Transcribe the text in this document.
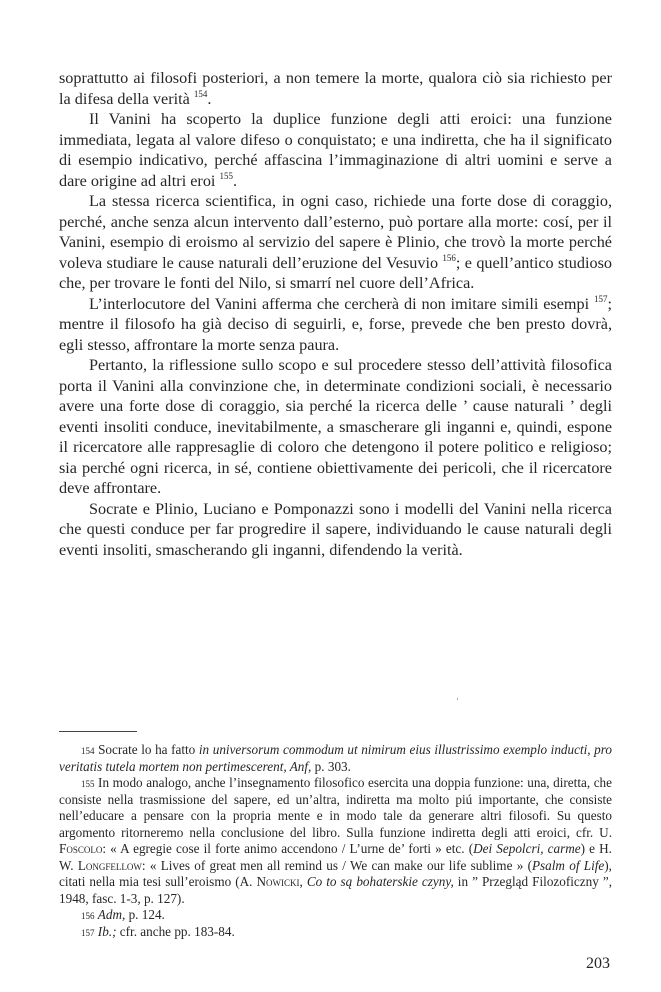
soprattutto ai filosofi posteriori, a non temere la morte, qualora ciò sia richiesto per la difesa della verità $^{154}$.

Il Vanini ha scoperto la duplice funzione degli atti eroici: una funzione immediata, legata al valore difeso o conquistato; e una indiretta, che ha il significato di esempio indicativo, perché affascina l’immaginazione di altri uomini e serve a dare origine ad altri eroi $^{155}$.

La stessa ricerca scientifica, in ogni caso, richiede una forte dose di coraggio, perché, anche senza alcun intervento dall’esterno, può portare alla morte: cosí, per il Vanini, esempio di eroismo al servizio del sapere è Plinio, che trovò la morte perché voleva studiare le cause naturali dell’eruzione del Vesuvio $^{156}$; e quell’antico studioso che, per trovare le fonti del Nilo, si smarrí nel cuore dell’Africa.

L’interlocutore del Vanini afferma che cercherà di non imitare simili esempi $^{157}$; mentre il filosofo ha già deciso di seguirli, e, forse, prevede che ben presto dovrà, egli stesso, affrontare la morte senza paura.

Pertanto, la riflessione sullo scopo e sul procedere stesso dell’attività filosofica porta il Vanini alla convinzione che, in determinate condizioni sociali, è necessario avere una forte dose di coraggio, sia perché la ricerca delle ’ cause naturali ’ degli eventi insoliti conduce, inevitabilmente, a smascherare gli inganni e, quindi, espone il ricercatore alle rappresaglie di coloro che detengono il potere politico e religioso; sia perché ogni ricerca, in sé, contiene obiettivamente dei pericoli, che il ricercatore deve affrontare.

Socrate e Plinio, Luciano e Pomponazzi sono i modelli del Vanini nella ricerca che questi conduce per far progredire il sapere, individuando le cause naturali degli eventi insoliti, smascherando gli inganni, difendendo la verità.

‘

154 Socrate lo ha fatto in universorum commodum ut nimirum eius illustrissimo exemplo inducti, pro veritatis tutela mortem non pertimescerent, Anf, p. 303.

155 In modo analogo, anche l’insegnamento filosofico esercita una doppia funzione: una, diretta, che consiste nella trasmissione del sapere, ed un’altra, indiretta ma molto piú importante, che consiste nell’educare a pensare con la propria mente e in modo tale da generare altri filosofi. Su questo argomento ritorneremo nella conclusione del libro. Sulla funzione indiretta degli atti eroici, cfr. U. Foscolo: « A egregie cose il forte animo accendono / L’urne de’ forti » etc. (Dei Sepolcri, carme) e H. W. Longfellow: « Lives of great men all remind us / We can make our life sublime » (Psalm of Life), citati nella mia tesi sull’eroismo (A. Nowicki, Co to są bohaterskie czyny, in ” Przegląd Filozoficzny ”, 1948, fasc. 1-3, p. 127).

156 Adm, p. 124.

157 Ib.; cfr. anche pp. 183-84.

203
